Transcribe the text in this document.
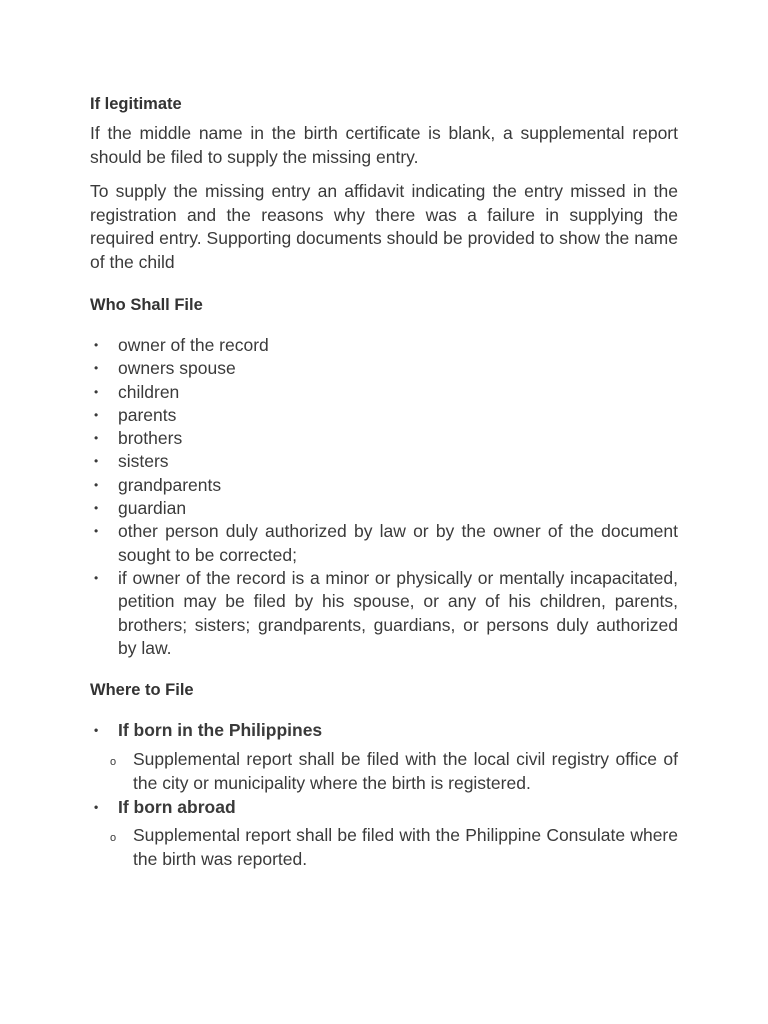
If legitimate

If the middle name in the birth certificate is blank, a supplemental report should be filed to supply the missing entry.

To supply the missing entry an affidavit indicating the entry missed in the registration and the reasons why there was a failure in supplying the required entry. Supporting documents should be provided to show the name of the child

Who Shall File
• owner of the record
• owners spouse
• children
• parents
• brothers
• sisters
• grandparents
• guardian
• other person duly authorized by law or by the owner of the document sought to be corrected;
• if owner of the record is a minor or physically or mentally incapacitated, petition may be filed by his spouse, or any of his children, parents, brothers; sisters; grandparents, guardians, or persons duly authorized by law.
Where to File
• If born in the Philippines
o Supplemental report shall be filed with the local civil registry office of the city or municipality where the birth is registered.
• If born abroad
o Supplemental report shall be filed with the Philippine Consulate where the birth was reported.
